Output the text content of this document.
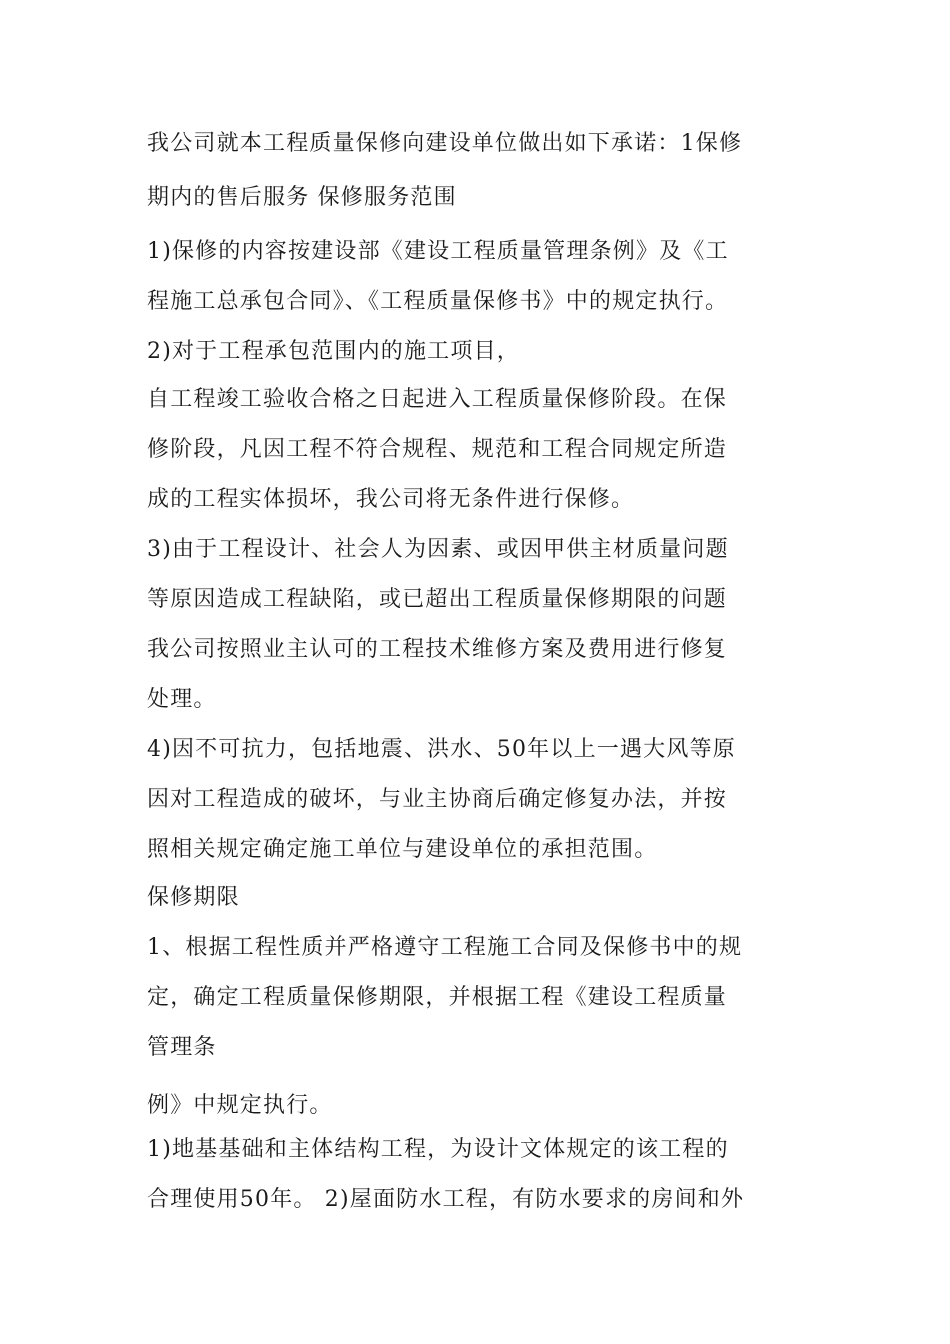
我公司就本工程质量保修向建设单位做出如下承诺：1保修
期内的售后服务 保修服务范围
1)保修的内容按建设部《建设工程质量管理条例》及《工
程施工总承包合同》、《工程质量保修书》中的规定执行。
2)对于工程承包范围内的施工项目，
自工程竣工验收合格之日起进入工程质量保修阶段。在保
修阶段，凡因工程不符合规程、规范和工程合同规定所造
成的工程实体损坏，我公司将无条件进行保修。
3)由于工程设计、社会人为因素、或因甲供主材质量问题
等原因造成工程缺陷，或已超出工程质量保修期限的问题
我公司按照业主认可的工程技术维修方案及费用进行修复
处理。
4)因不可抗力，包括地震、洪水、50年以上一遇大风等原
因对工程造成的破坏，与业主协商后确定修复办法，并按
照相关规定确定施工单位与建设单位的承担范围。
保修期限
1、根据工程性质并严格遵守工程施工合同及保修书中的规
定，确定工程质量保修期限，并根据工程《建设工程质量
管理条
例》中规定执行。
1)地基基础和主体结构工程，为设计文体规定的该工程的
合理使用50年。 2)屋面防水工程，有防水要求的房间和外
